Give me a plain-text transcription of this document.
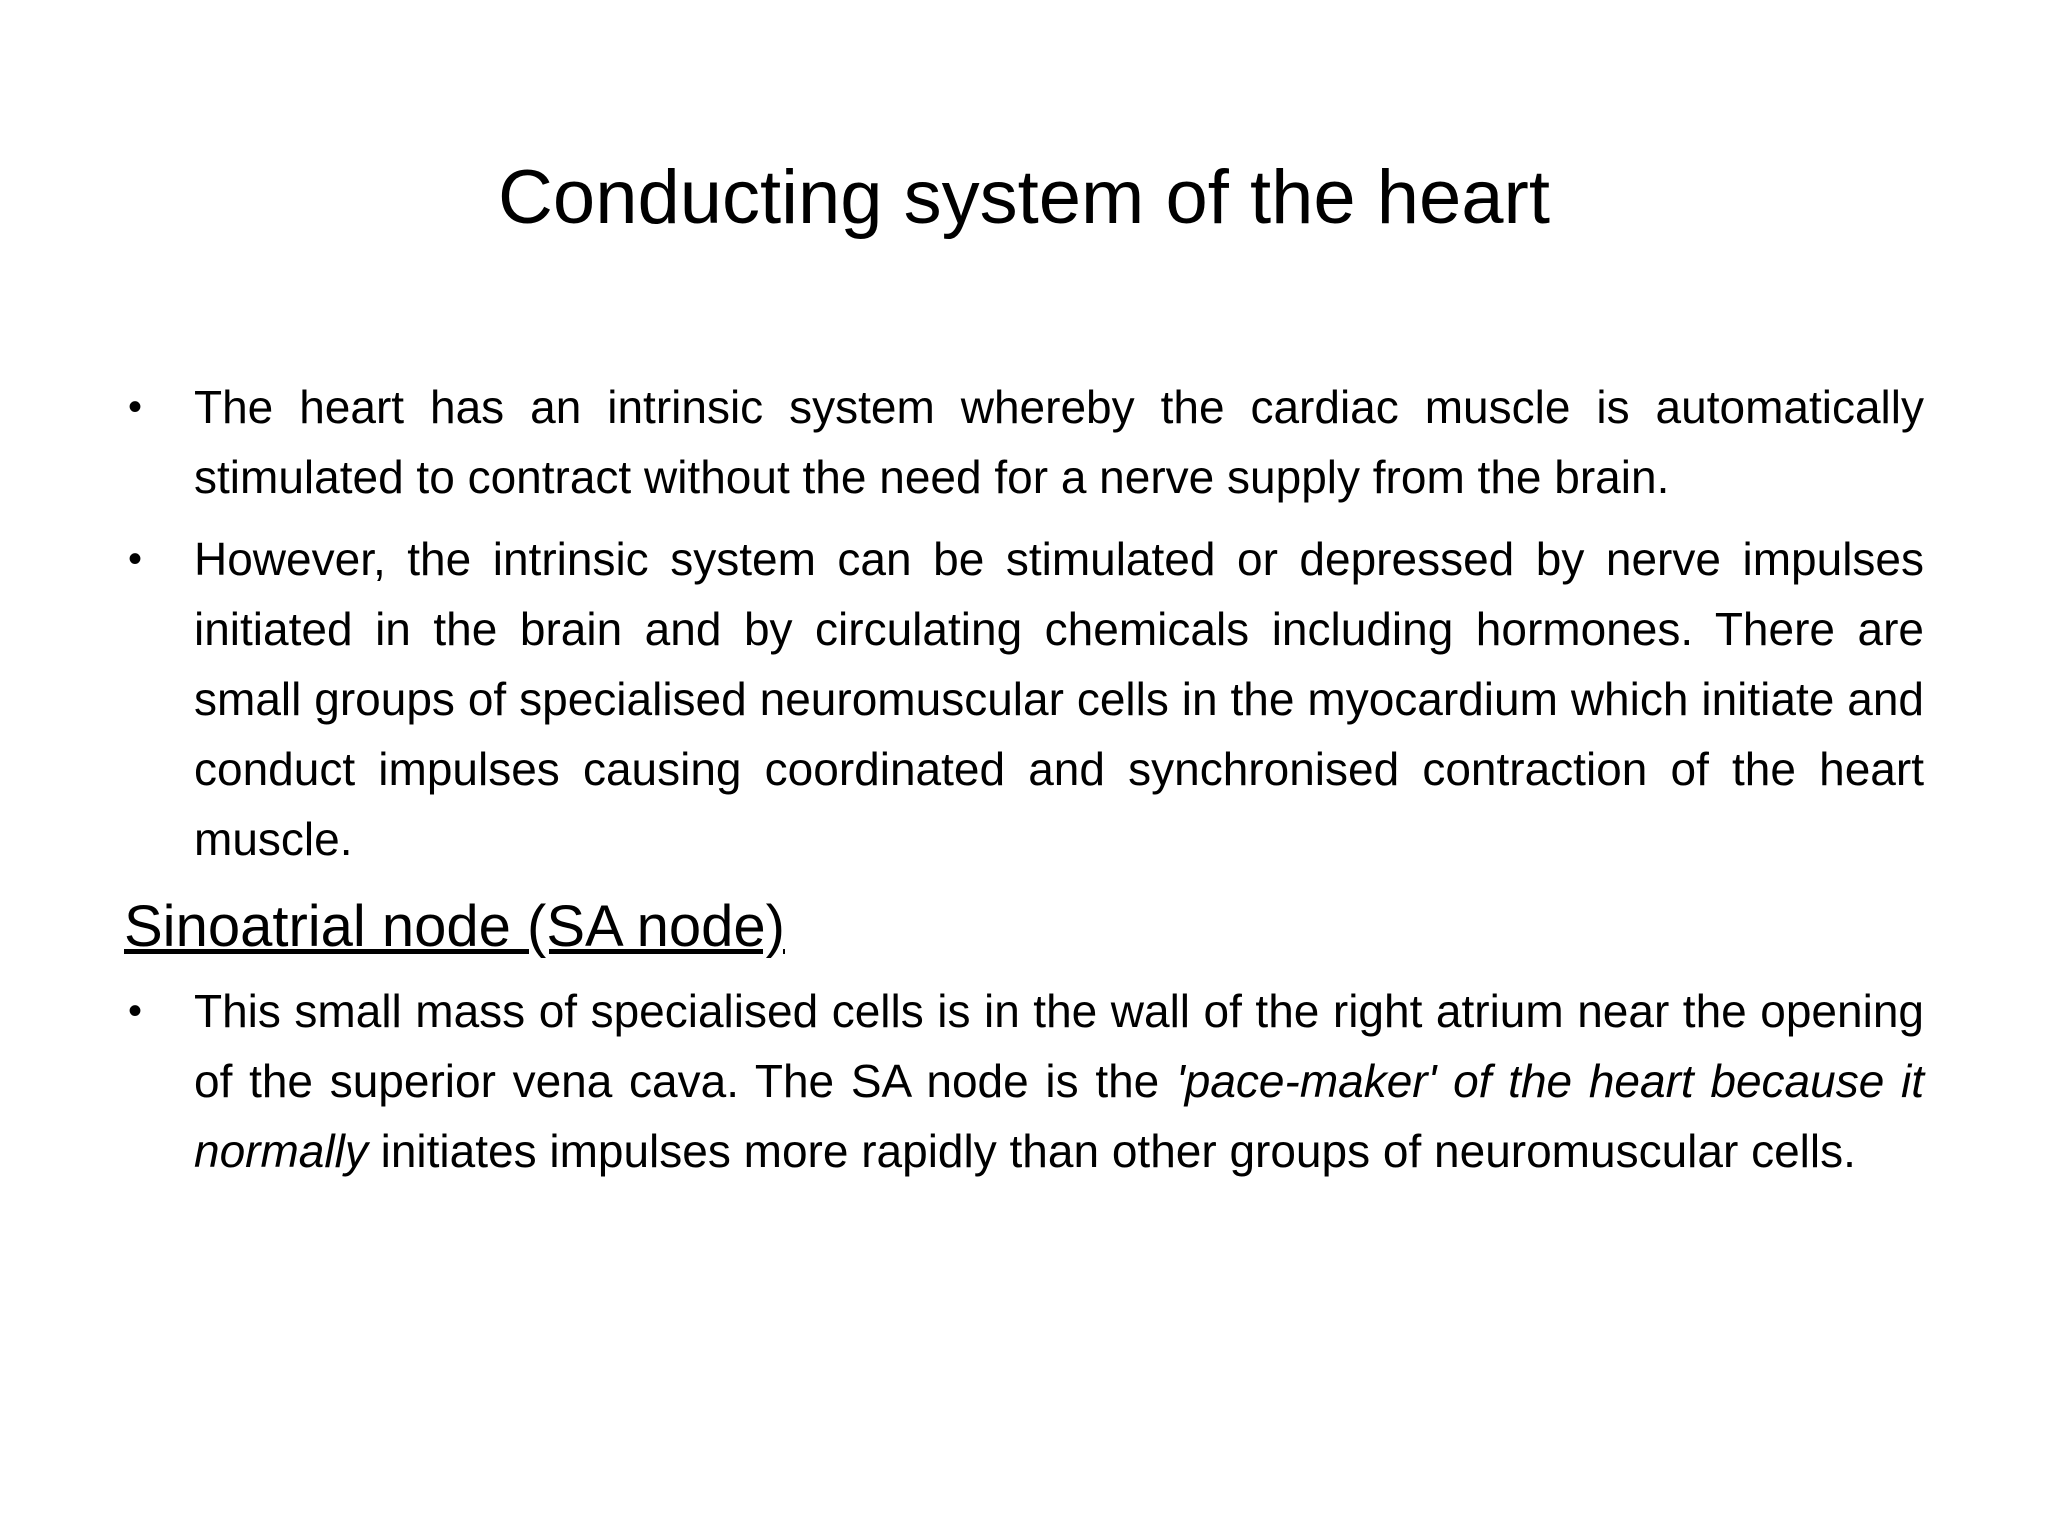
Conducting system of the heart
•	The heart has an intrinsic system whereby the cardiac muscle is automatically stimulated to contract without the need for a nerve supply from the brain.
•	However, the intrinsic system can be stimulated or depressed by nerve impulses initiated in the brain and by circulating chemicals including hormones. There are small groups of specialised neuromuscular cells in the myocardium which initiate and conduct impulses causing coordinated and synchronised contraction of the heart muscle.
Sinoatrial node (SA node)
•	This small mass of specialised cells is in the wall of the right atrium near the opening of the superior vena cava. The SA node is the 'pace-maker' of the heart because it normally initiates impulses more rapidly than other groups of neuromuscular cells.
